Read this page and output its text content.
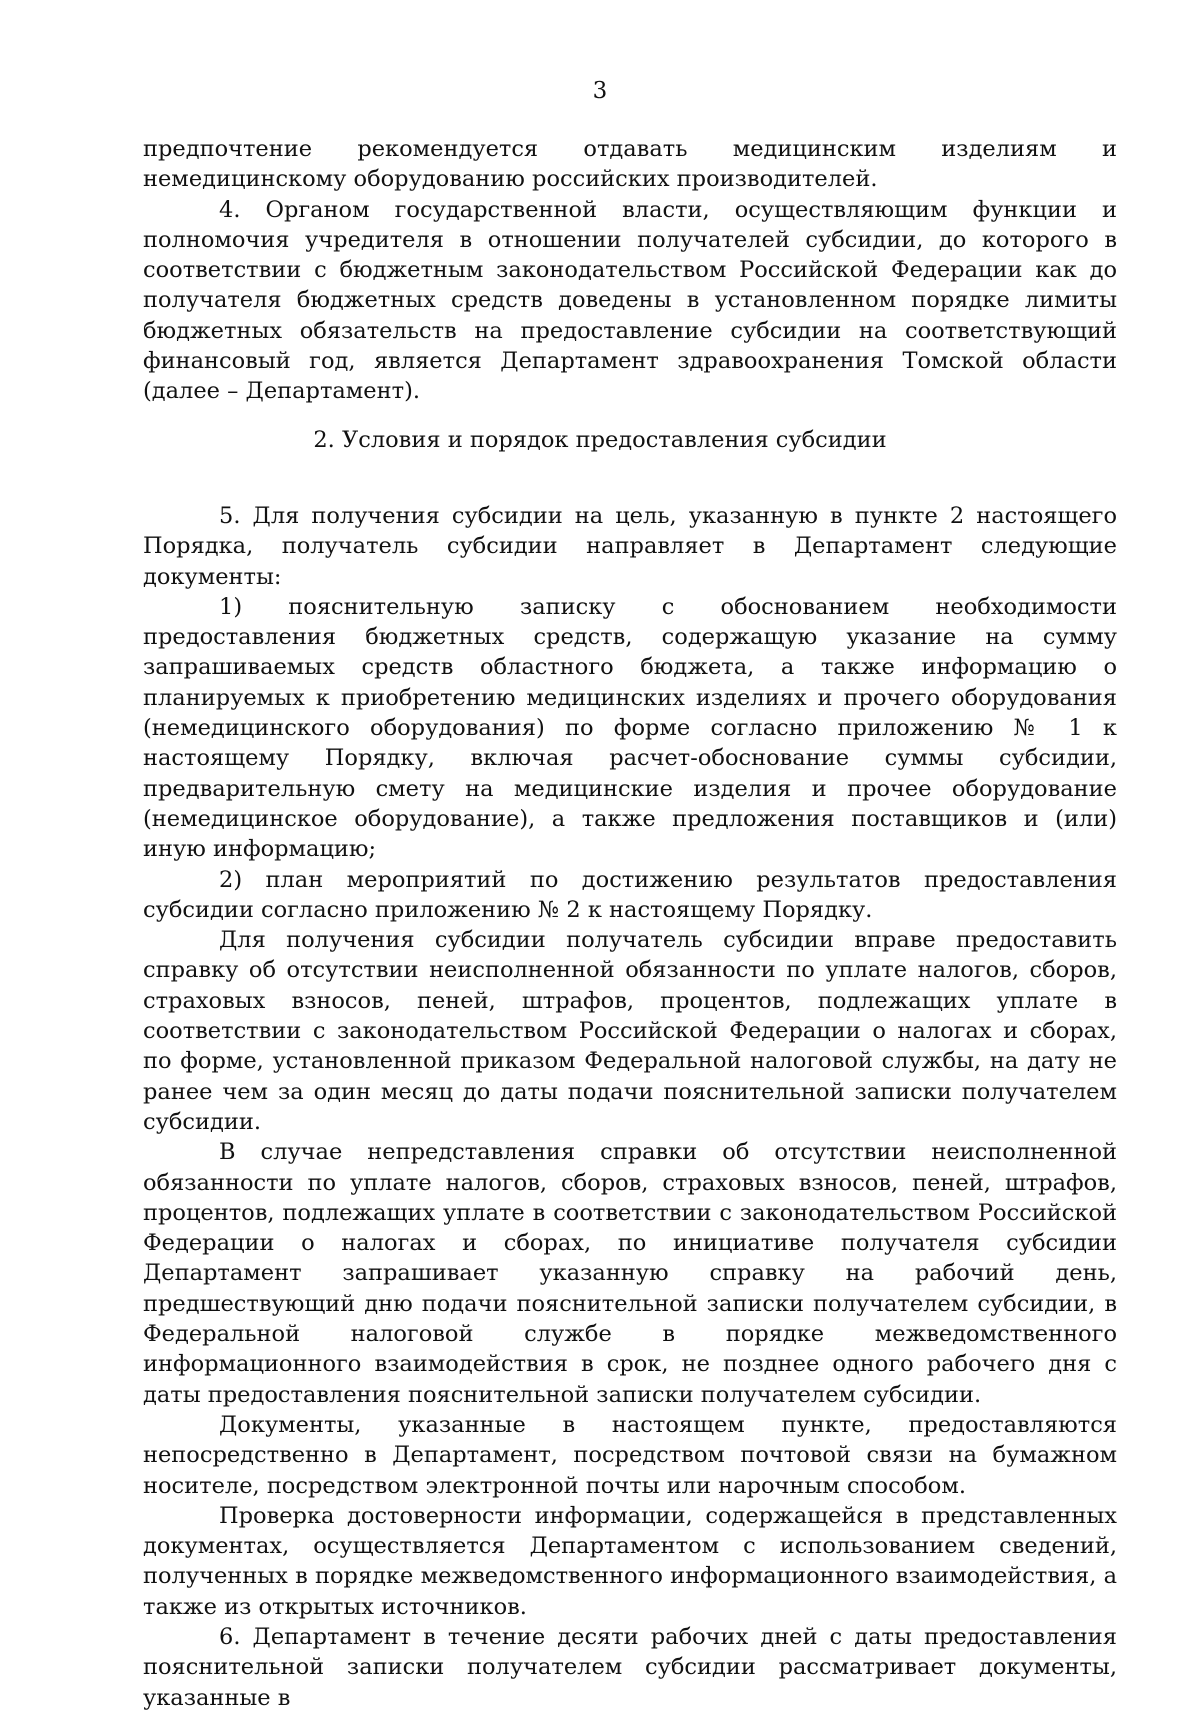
3

предпочтение рекомендуется отдавать медицинским изделиям и немедицинскому оборудованию российских производителей.

4. Органом государственной власти, осуществляющим функции и полномочия учредителя в отношении получателей субсидии, до которого в соответствии с бюджетным законодательством Российской Федерации как до получателя бюджетных средств доведены в установленном порядке лимиты бюджетных обязательств на предоставление субсидии на соответствующий финансовый год, является Департамент здравоохранения Томской области (далее – Департамент).

2. Условия и порядок предоставления субсидии

5. Для получения субсидии на цель, указанную в пункте 2 настоящего Порядка, получатель субсидии направляет в Департамент следующие документы:

1) пояснительную записку с обоснованием необходимости предоставления бюджетных средств, содержащую указание на сумму запрашиваемых средств областного бюджета, а также информацию о планируемых к приобретению медицинских изделиях и прочего оборудования (немедицинского оборудования) по форме согласно приложению № 1 к настоящему Порядку, включая расчет-обоснование суммы субсидии, предварительную смету на медицинские изделия и прочее оборудование (немедицинское оборудование), а также предложения поставщиков и (или) иную информацию;

2) план мероприятий по достижению результатов предоставления субсидии согласно приложению № 2 к настоящему Порядку.

Для получения субсидии получатель субсидии вправе предоставить справку об отсутствии неисполненной обязанности по уплате налогов, сборов, страховых взносов, пеней, штрафов, процентов, подлежащих уплате в соответствии с законодательством Российской Федерации о налогах и сборах, по форме, установленной приказом Федеральной налоговой службы, на дату не ранее чем за один месяц до даты подачи пояснительной записки получателем субсидии.

В случае непредставления справки об отсутствии неисполненной обязанности по уплате налогов, сборов, страховых взносов, пеней, штрафов, процентов, подлежащих уплате в соответствии с законодательством Российской Федерации о налогах и сборах, по инициативе получателя субсидии Департамент запрашивает указанную справку на рабочий день, предшествующий дню подачи пояснительной записки получателем субсидии, в Федеральной налоговой службе в порядке межведомственного информационного взаимодействия в срок, не позднее одного рабочего дня с даты предоставления пояснительной записки получателем субсидии.

Документы, указанные в настоящем пункте, предоставляются непосредственно в Департамент, посредством почтовой связи на бумажном носителе, посредством электронной почты или нарочным способом.

Проверка достоверности информации, содержащейся в представленных документах, осуществляется Департаментом с использованием сведений, полученных в порядке межведомственного информационного взаимодействия, а также из открытых источников.

6. Департамент в течение десяти рабочих дней с даты предоставления пояснительной записки получателем субсидии рассматривает документы, указанные в
